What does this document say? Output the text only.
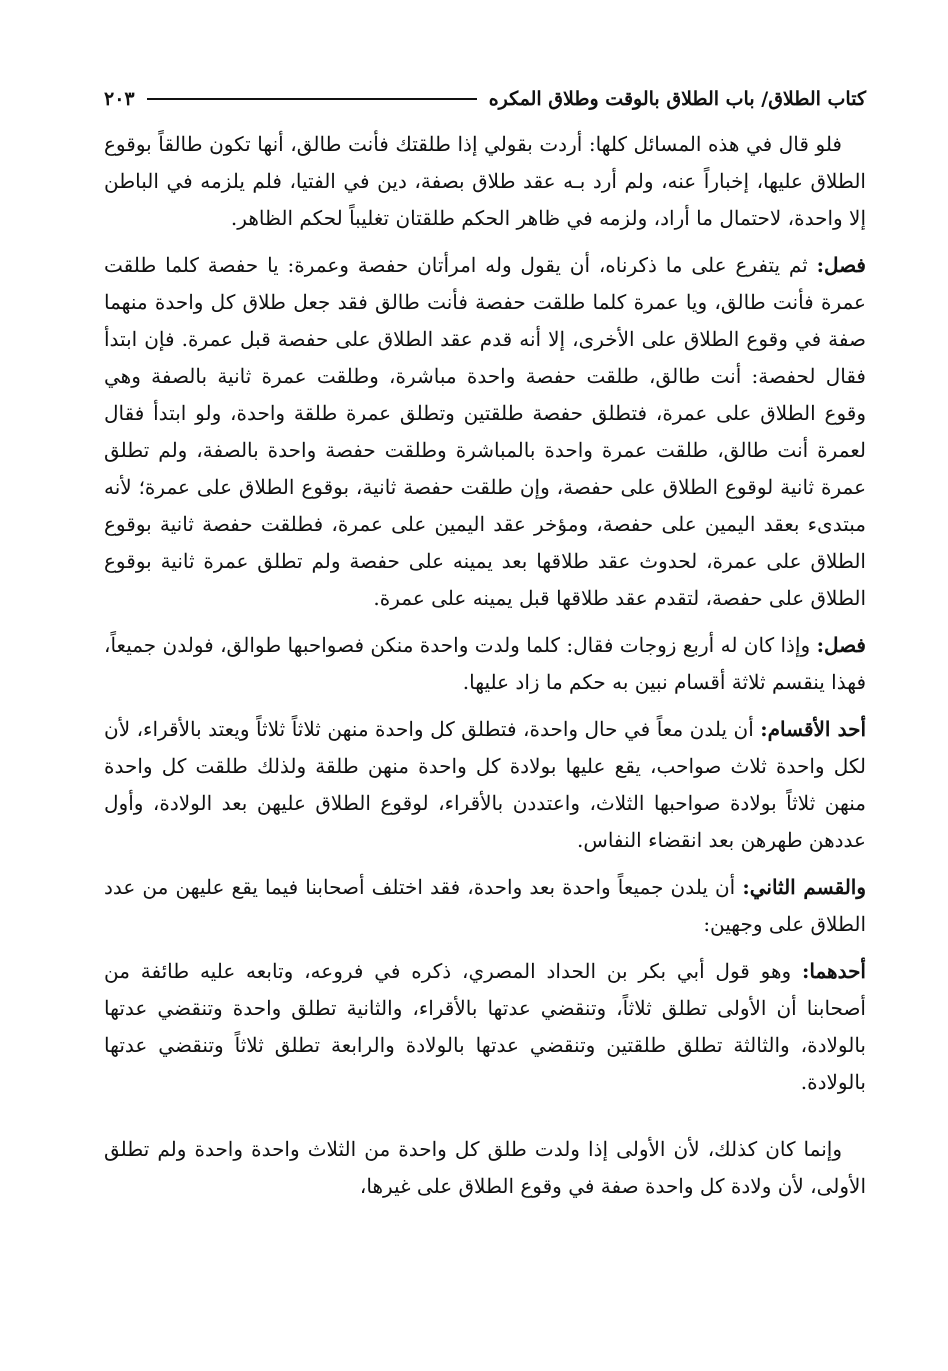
كتاب الطلاق/ باب الطلاق بالوقت وطلاق المكره
٢٠٣

فلو قال في هذه المسائل كلها: أردت بقولي إذا طلقتك فأنت طالق، أنها تكون طالقاً بوقوع الطلاق عليها، إخباراً عنه، ولم أرد بـه عقد طلاق بصفة، دين في الفتيا، فلم يلزمه في الباطن إلا واحدة، لاحتمال ما أراد، ولزمه في ظاهر الحكم طلقتان تغليباً لحكم الظاهر.

فصل: ثم يتفرع على ما ذكرناه، أن يقول وله امرأتان حفصة وعمرة: يا حفصة كلما طلقت عمرة فأنت طالق، ويا عمرة كلما طلقت حفصة فأنت طالق فقد جعل طلاق كل واحدة منهما صفة في وقوع الطلاق على الأخرى، إلا أنه قدم عقد الطلاق على حفصة قبل عمرة. فإن ابتدأ فقال لحفصة: أنت طالق، طلقت حفصة واحدة مباشرة، وطلقت عمرة ثانية بالصفة وهي وقوع الطلاق على عمرة، فتطلق حفصة طلقتين وتطلق عمرة طلقة واحدة، ولو ابتدأ فقال لعمرة أنت طالق، طلقت عمرة واحدة بالمباشرة وطلقت حفصة واحدة بالصفة، ولم تطلق عمرة ثانية لوقوع الطلاق على حفصة، وإن طلقت حفصة ثانية، بوقوع الطلاق على عمرة؛ لأنه مبتدىء بعقد اليمين على حفصة، ومؤخر عقد اليمين على عمرة، فطلقت حفصة ثانية بوقوع الطلاق على عمرة، لحدوث عقد طلاقها بعد يمينه على حفصة ولم تطلق عمرة ثانية بوقوع الطلاق على حفصة، لتقدم عقد طلاقها قبل يمينه على عمرة.

فصل: وإذا كان له أربع زوجات فقال: كلما ولدت واحدة منكن فصواحبها طوالق، فولدن جميعاً، فهذا ينقسم ثلاثة أقسام نبين به حكم ما زاد عليها.

أحد الأقسام: أن يلدن معاً في حال واحدة، فتطلق كل واحدة منهن ثلاثاً ثلاثاً ويعتد بالأقراء، لأن لكل واحدة ثلاث صواحب، يقع عليها بولادة كل واحدة منهن طلقة ولذلك طلقت كل واحدة منهن ثلاثاً بولادة صواحبها الثلاث، واعتددن بالأقراء، لوقوع الطلاق عليهن بعد الولادة، وأول عددهن طهرهن بعد انقضاء النفاس.

والقسم الثاني: أن يلدن جميعاً واحدة بعد واحدة، فقد اختلف أصحابنا فيما يقع عليهن من عدد الطلاق على وجهين:

أحدهما: وهو قول أبي بكر بن الحداد المصري، ذكره في فروعه، وتابعه عليه طائفة من أصحابنا أن الأولى تطلق ثلاثاً، وتنقضي عدتها بالأقراء، والثانية تطلق واحدة وتنقضي عدتها بالولادة، والثالثة تطلق طلقتين وتنقضي عدتها بالولادة والرابعة تطلق ثلاثاً وتنقضي عدتها بالولادة.

وإنما كان كذلك، لأن الأولى إذا ولدت طلق كل واحدة من الثلاث واحدة واحدة ولم تطلق الأولى، لأن ولادة كل واحدة صفة في وقوع الطلاق على غيرها،
